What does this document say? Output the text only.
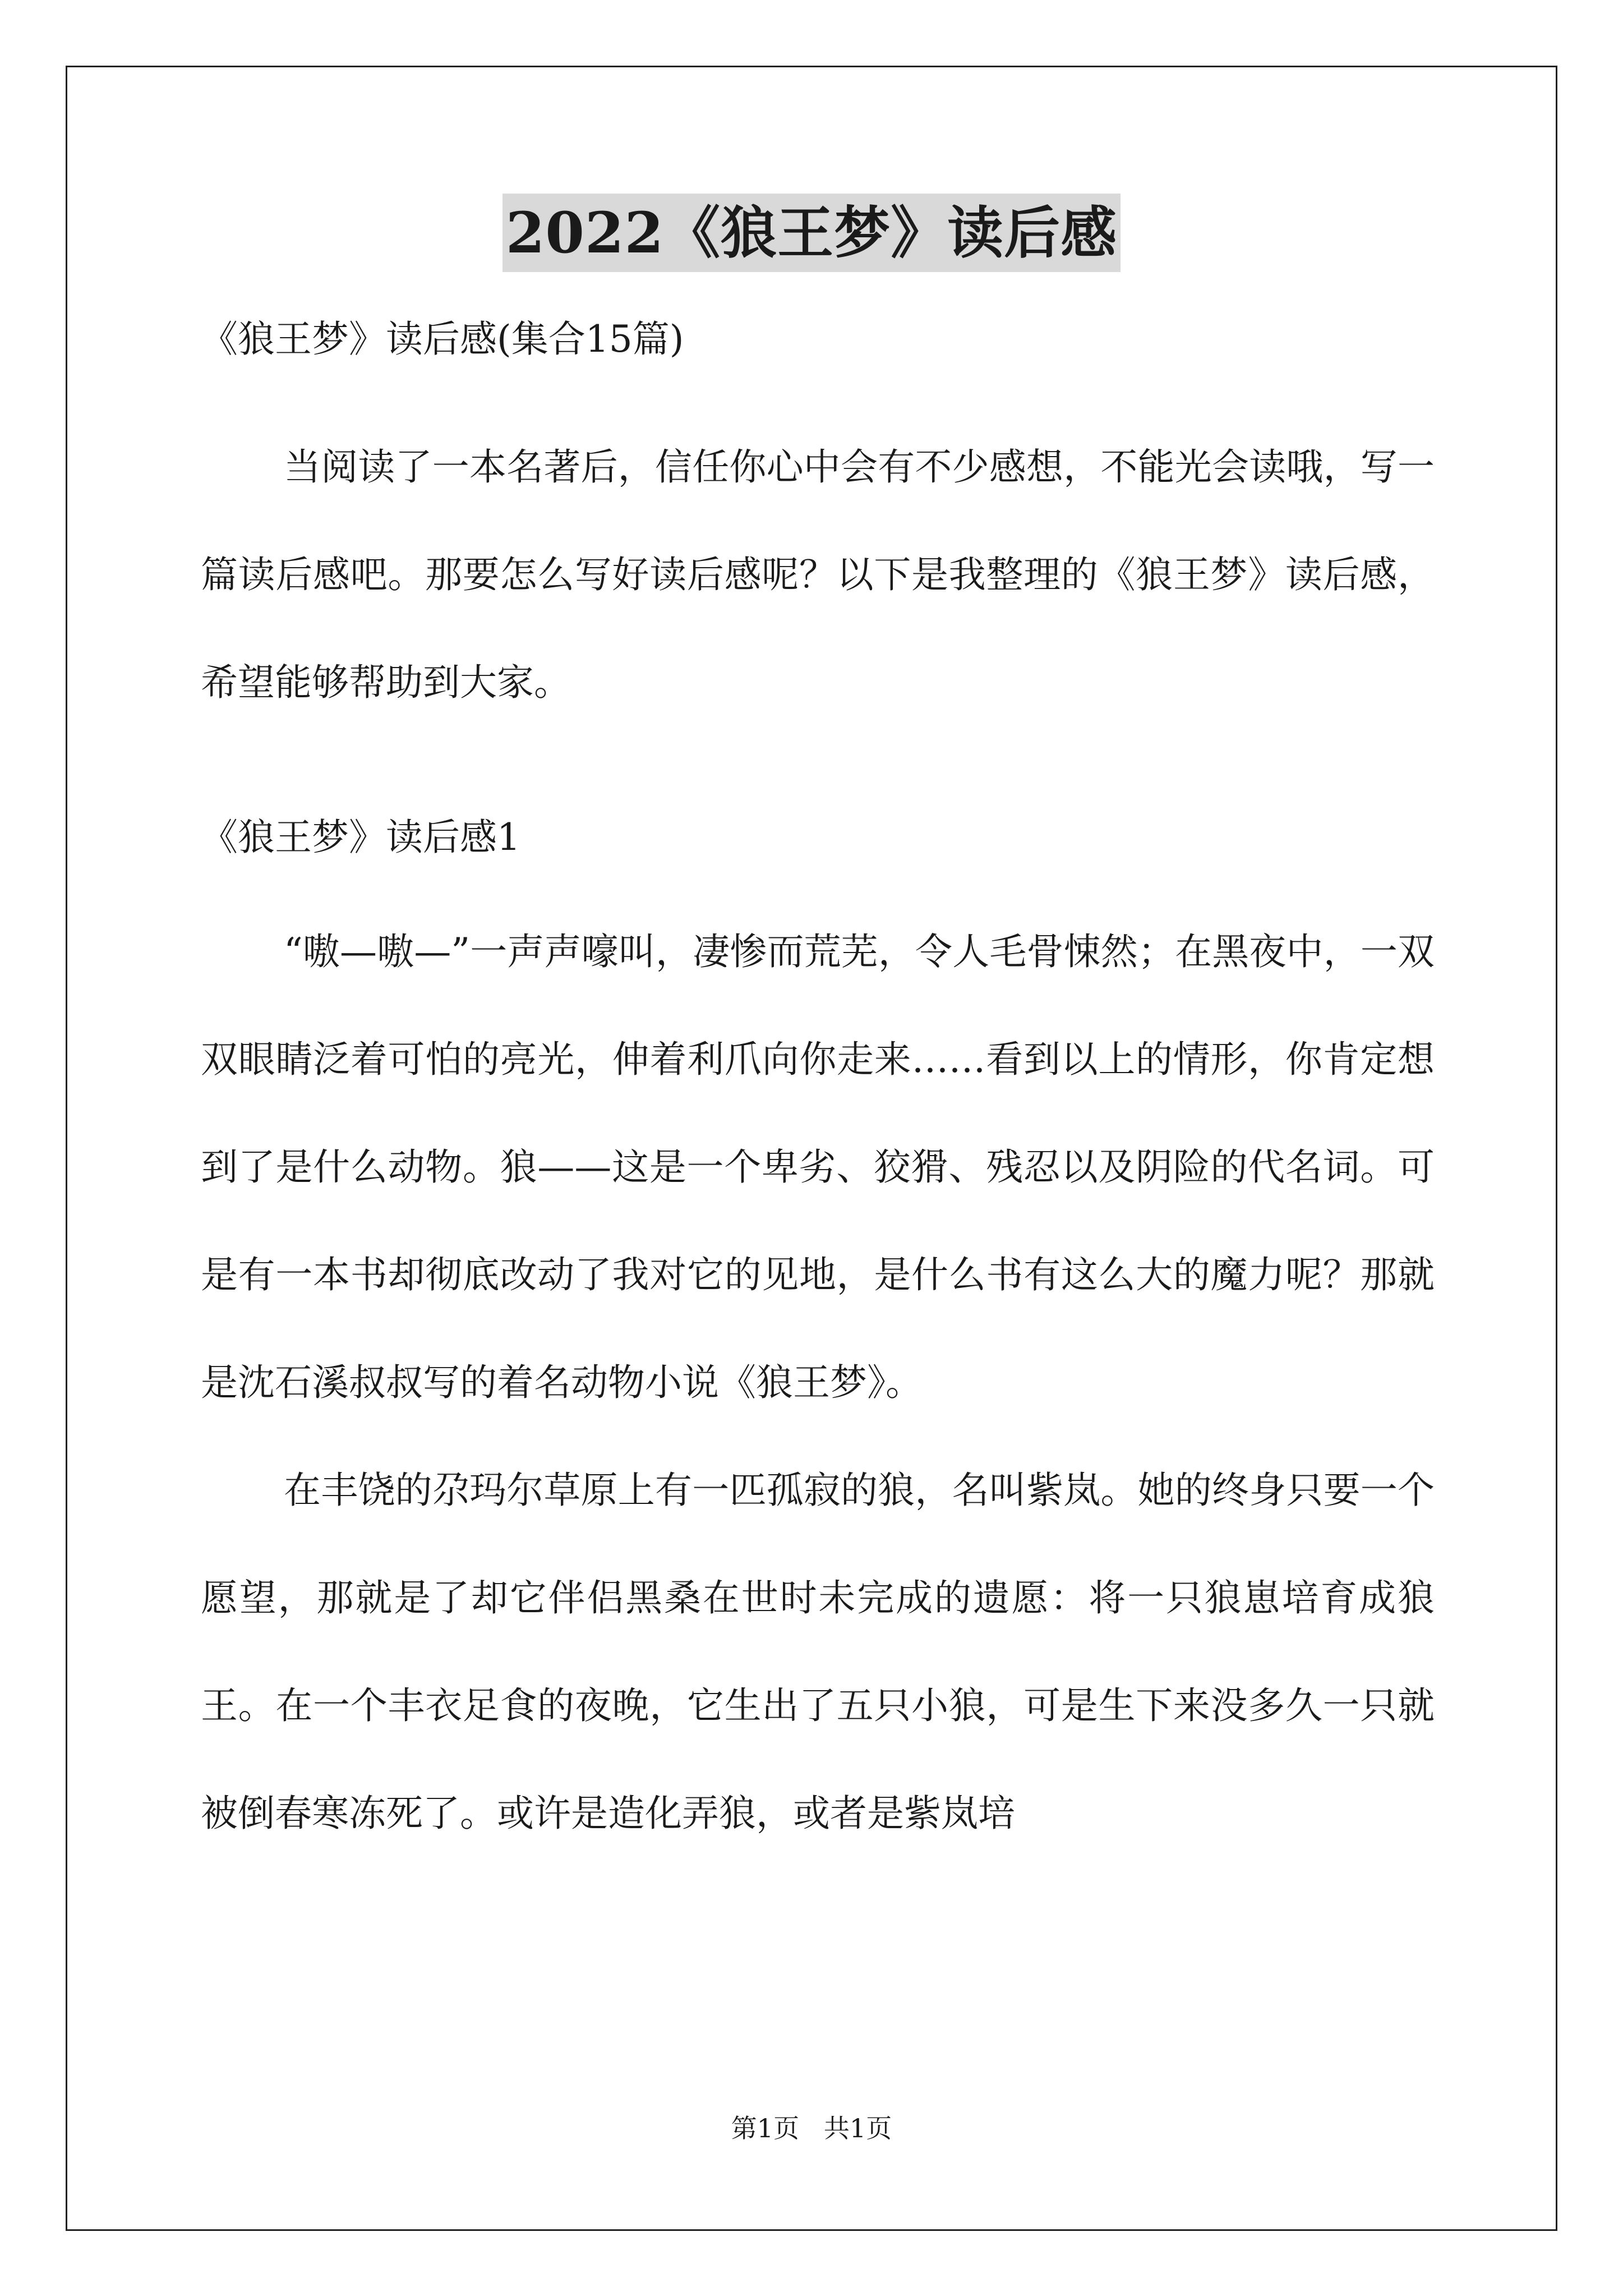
2022《狼王梦》读后感

《狼王梦》读后感(集合15篇)

当阅读了一本名著后，信任你心中会有不少感想，不能光会读哦，写一篇读后感吧。那要怎么写好读后感呢？以下是我整理的《狼王梦》读后感，希望能够帮助到大家。

《狼王梦》读后感1

“嗷—嗷—”一声声嚎叫，凄惨而荒芜，令人毛骨悚然；在黑夜中，一双双眼睛泛着可怕的亮光，伸着利爪向你走来……看到以上的情形，你肯定想到了是什么动物。狼——这是一个卑劣、狡猾、残忍以及阴险的代名词。可是有一本书却彻底改动了我对它的见地，是什么书有这么大的魔力呢？那就是沈石溪叔叔写的着名动物小说《狼王梦》。

在丰饶的尕玛尔草原上有一匹孤寂的狼，名叫紫岚。她的终身只要一个愿望，那就是了却它伴侣黑桑在世时未完成的遗愿：将一只狼崽培育成狼王。在一个丰衣足食的夜晚，它生出了五只小狼，可是生下来没多久一只就被倒春寒冻死了。或许是造化弄狼，或者是紫岚培

第1页   共1页
